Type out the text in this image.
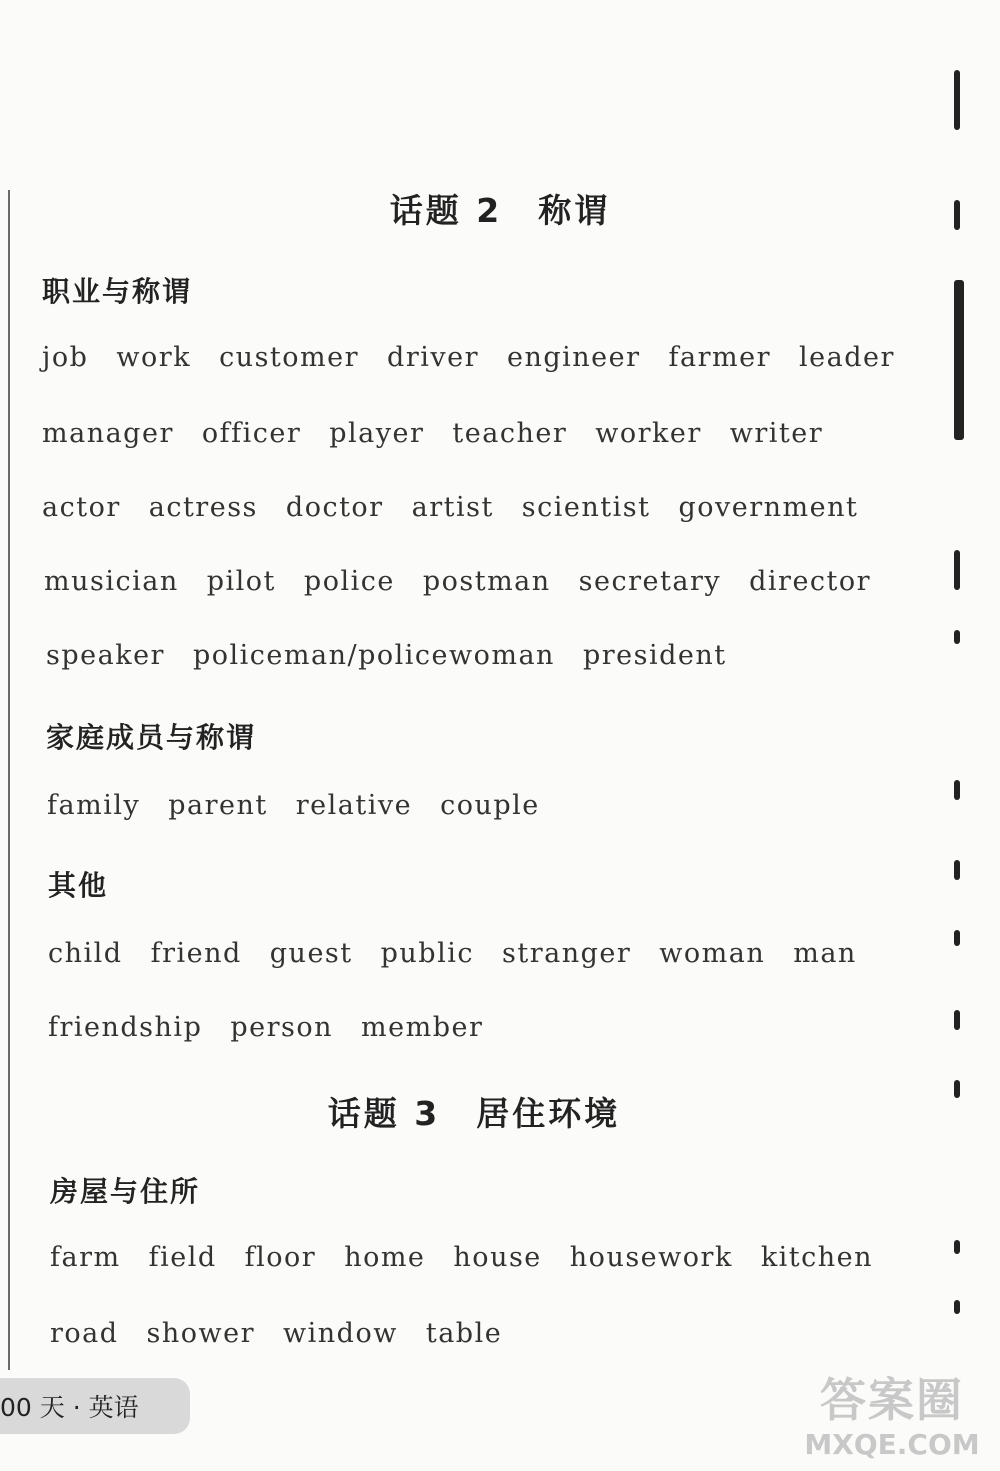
话题 2　称谓
职业与称谓
job work customer driver engineer farmer leader
manager officer player teacher worker writer
actor actress doctor artist scientist government
musician pilot police postman secretary director
speaker policeman/policewoman president
家庭成员与称谓
family parent relative couple
其他
child friend guest public stranger woman man
friendship person member
话题 3　居住环境
房屋与住所
farm field floor home house housework kitchen
road shower window table
00 天 · 英语	答案圈
MXQE.COM
